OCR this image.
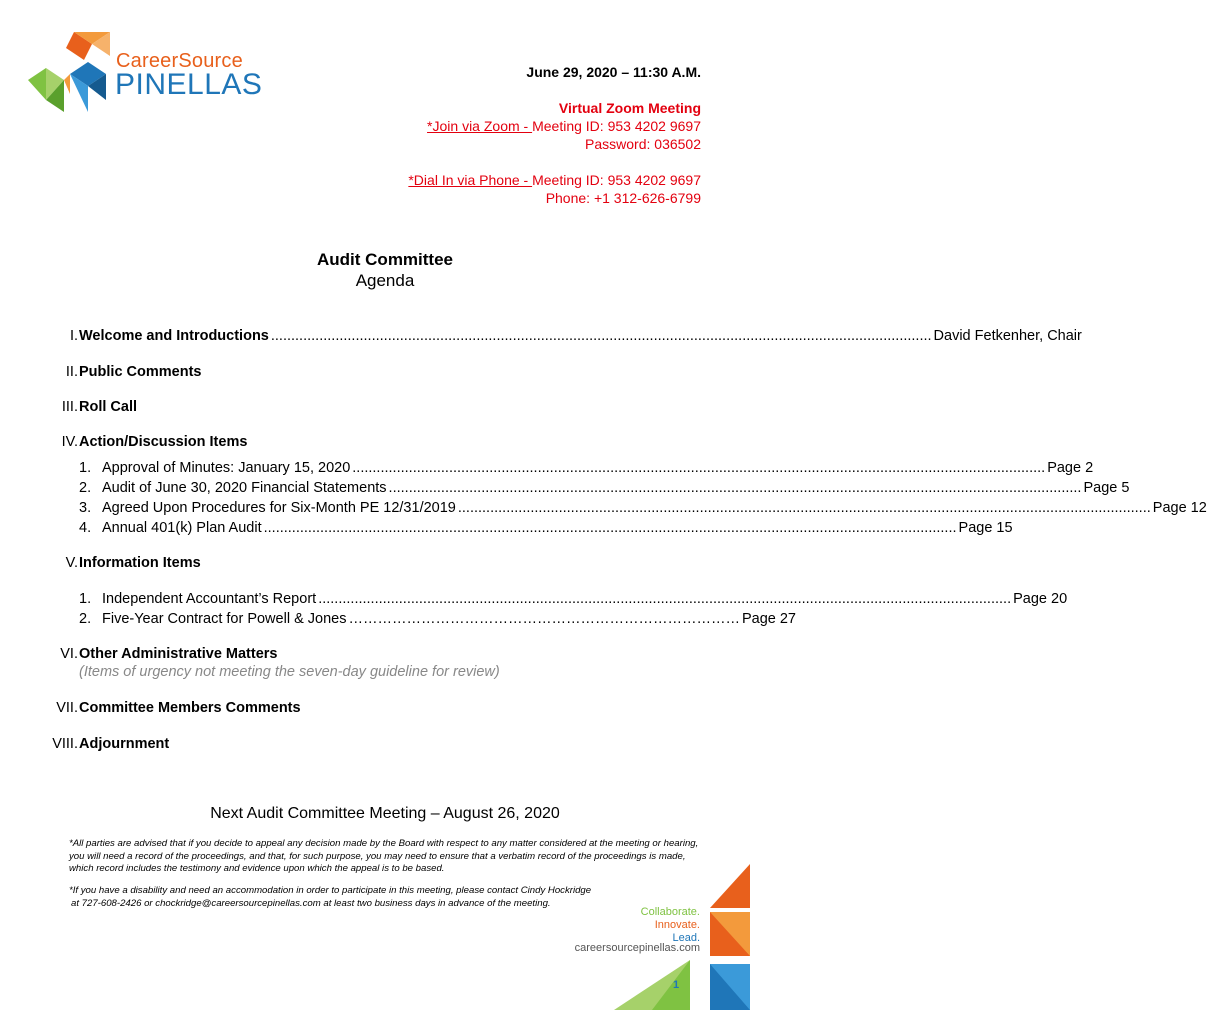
CareerSource
PINELLAS	June 29, 2020 – 11:30 A.M.
Virtual Zoom Meeting
*Join via Zoom - Meeting ID: 953 4202 9697
Password: 036502
*Dial In via Phone - Meeting ID: 953 4202 9697
Phone: +1 312-626-6799
Audit Committee
Agenda
I. Welcome and Introductions .................................................................................................................................................................... David Fetkenher, Chair
II. Public Comments
III. Roll Call
IV. Action/Discussion Items
1. Approval of Minutes: January 15, 2020 ............................................................................................................................................................................ Page 2
2. Audit of June 30, 2020 Financial Statements ............................................................................................................................................................................ Page 5
3. Agreed Upon Procedures for Six-Month PE 12/31/2019 ............................................................................................................................................................................ Page 12
4. Annual 401(k) Plan Audit ............................................................................................................................................................................ Page 15
V. Information Items
1. Independent Accountant’s Report ............................................................................................................................................................................ Page 20
2. Five-Year Contract for Powell & Jones ……………………………………………………………………… Page 27
VI. Other Administrative Matters
(Items of urgency not meeting the seven-day guideline for review)
VII. Committee Members Comments
VIII. Adjournment
Next Audit Committee Meeting – August 26, 2020
*All parties are advised that if you decide to appeal any decision made by the Board with respect to any matter considered at the meeting or hearing, you will need a record of the proceedings, and that, for such purpose, you may need to ensure that a verbatim record of the proceedings is made, which record includes the testimony and evidence upon which the appeal is to be based.
*If you have a disability and need an accommodation in order to participate in this meeting, please contact Cindy Hockridge
at 727-608-2426 or chockridge@careersourcepinellas.com at least two business days in advance of the meeting.
Collaborate.
Innovate.
Lead.
careersourcepinellas.com
1
